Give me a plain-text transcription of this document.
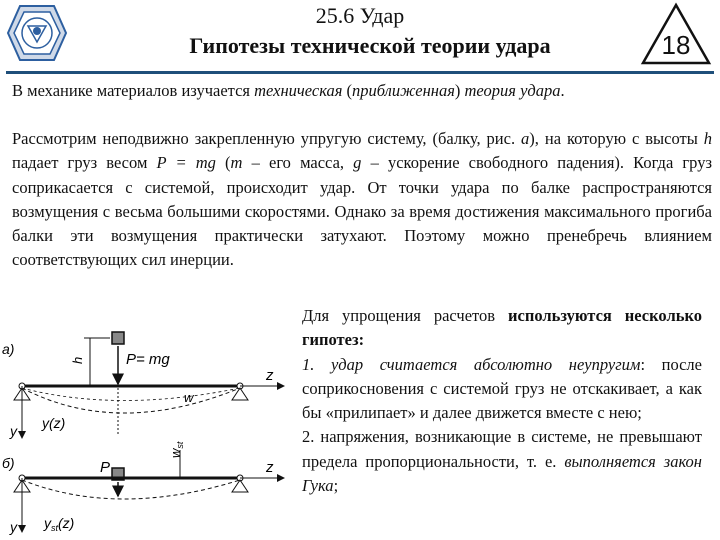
25.6 Удар
Гипотезы технической теории удара	18
В механике материалов изучается техническая (приближенная) теория удара.
Рассмотрим неподвижно закрепленную упругую систему, (балку, рис. а), на которую с высоты h падает груз весом P = mg (m – его масса, g – ускорение свободного падения). Когда груз соприкасается с системой, происходит удар. От точки удара по балке распространяются возмущения с весьма большими скоростями. Однако за время достижения максимального прогиба балки эти возмущения практически затухают. Поэтому можно пренебречь влиянием соответствующих сил инерции.
Для упрощения расчетов используются несколько гипотез:
1. удар считается абсолютно неупругим: после соприкосновения с системой груз не отскакивает, а как бы «прилипает» и далее движется вместе с нею;
2. напряжения, возникающие в системе, не превышают предела пропорциональности, т. е. выполняется закон Гука;
а)
P= mg
h
w
z
y y(z)
б)	P
$w_{st}$
z
y $y_{st}(z)$
